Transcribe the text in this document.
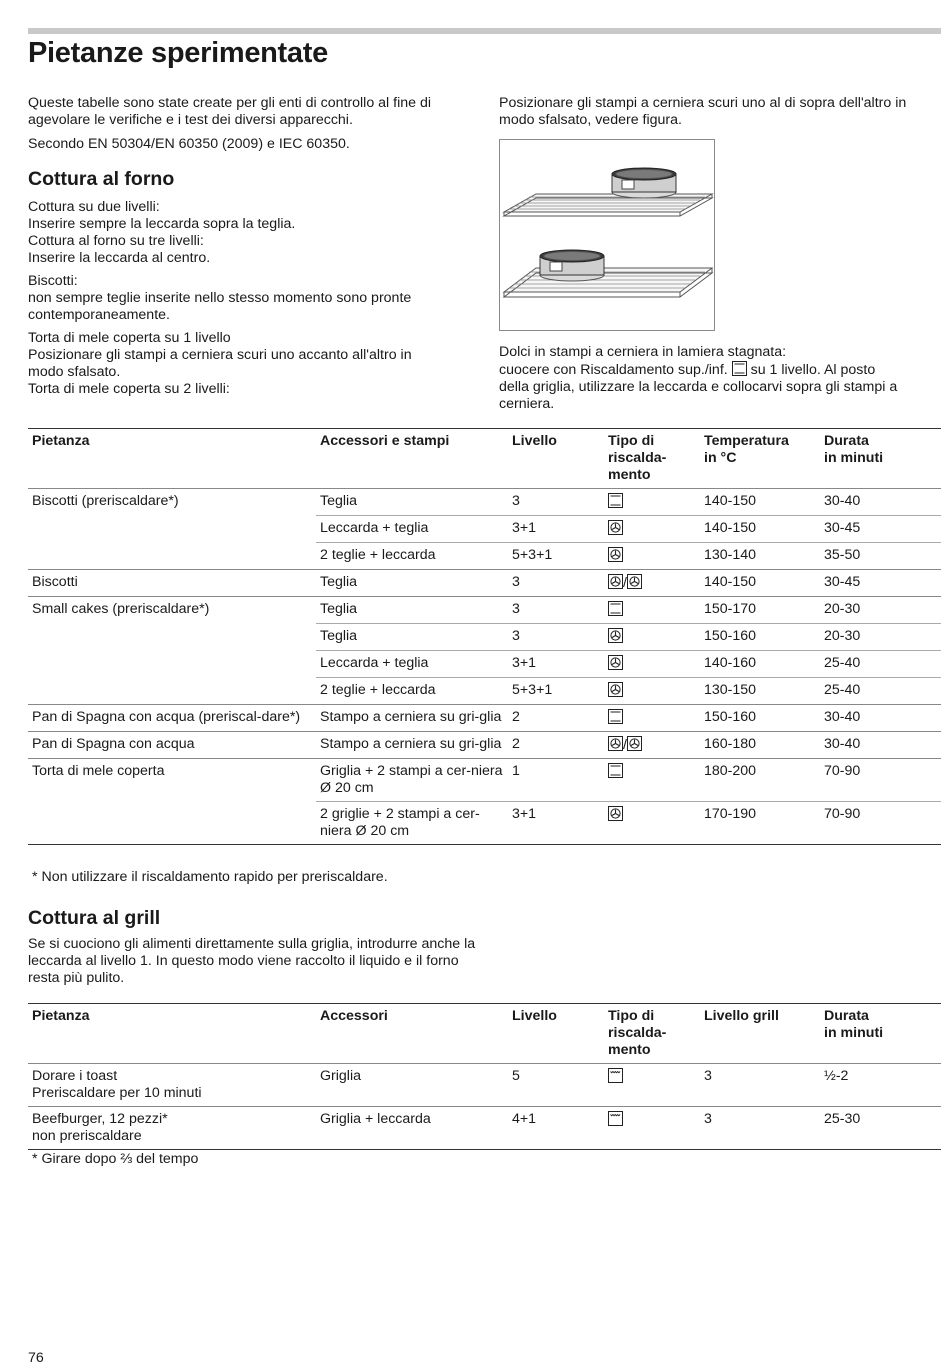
Pietanze sperimentate

Queste tabelle sono state create per gli enti di controllo al fine di agevolare le verifiche e i test dei diversi apparecchi.

Secondo EN 50304/EN 60350 (2009) e IEC 60350.

Cottura al forno
Cottura su due livelli:
Inserire sempre la leccarda sopra la teglia.
Cottura al forno su tre livelli:
Inserire la leccarda al centro.
Biscotti:
non sempre teglie inserite nello stesso momento sono pronte
contemporaneamente.
Torta di mele coperta su 1 livello
Posizionare gli stampi a cerniera scuri uno accanto all'altro in
modo sfalsato.
Torta di mele coperta su 2 livelli:
Posizionare gli stampi a cerniera scuri uno al di sopra dell'altro in modo sfalsato, vedere figura.
Dolci in stampi a cerniera in lamiera stagnata:
cuocere con Riscaldamento sup./inf. su 1 livello. Al posto
della griglia, utilizzare la leccarda e collocarvi sopra gli stampi a
cerniera.
Pietanza	Accessori e stampi	Livello	Tipo di
riscalda-
mento	Temperatura
in °C	Durata
in minuti
Biscotti (preriscaldare*)	Teglia	3		140-150	30-40
	Leccarda + teglia	3+1		140-150	30-45
	2 teglie + leccarda	5+3+1		130-140	35-50
Biscotti	Teglia	3	/	140-150	30-45
Small cakes (preriscaldare*)	Teglia	3		150-170	20-30
	Teglia	3		150-160	20-30
	Leccarda + teglia	3+1		140-160	25-40
	2 teglie + leccarda	5+3+1		130-150	25-40
Pan di Spagna con acqua (preriscal-dare*)	Stampo a cerniera su gri-glia	2		150-160	30-40
Pan di Spagna con acqua	Stampo a cerniera su gri-glia	2	/	160-180	30-40
Torta di mele coperta	Griglia + 2 stampi a cer-niera Ø 20 cm	1		180-200	70-90
	2 griglie + 2 stampi a cer-niera Ø 20 cm	3+1		170-190	70-90
* Non utilizzare il riscaldamento rapido per preriscaldare.
Cottura al grill
Se si cuociono gli alimenti direttamente sulla griglia, introdurre anche la leccarda al livello 1. In questo modo viene raccolto il liquido e il forno resta più pulito.
Pietanza	Accessori	Livello	Tipo di
riscalda-
mento	Livello grill	Durata
in minuti

Dorare i toast
Preriscaldare per 10 minuti	Griglia	5		3	½-2

Beefburger, 12 pezzi*
non preriscaldare	Griglia + leccarda	4+1		3	25-30
* Girare dopo ⅔ del tempo
76
